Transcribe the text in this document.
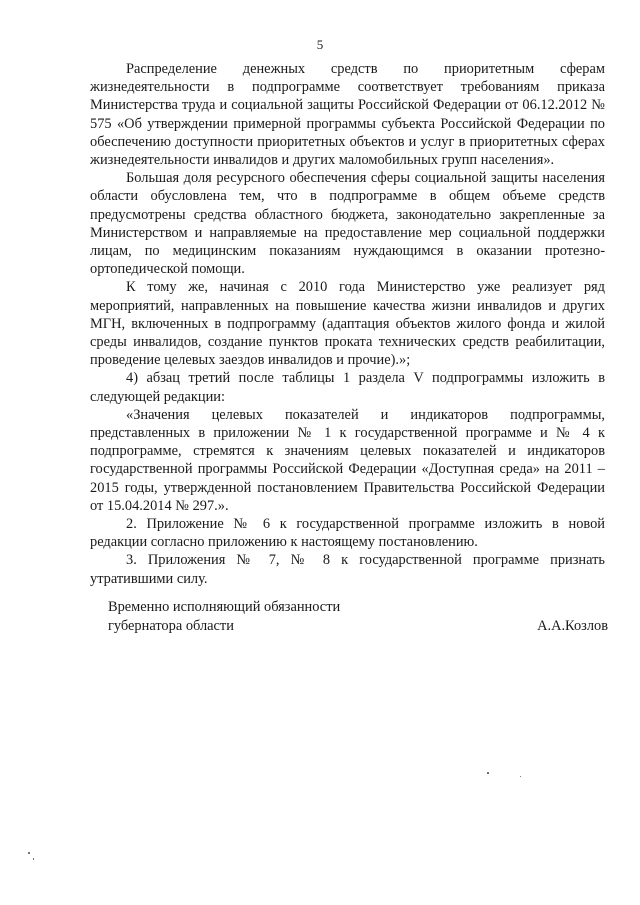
5

Распределение денежных средств по приоритетным сферам жизнедеятельности в подпрограмме соответствует требованиям приказа Министерства труда и социальной защиты Российской Федерации от 06.12.2012 № 575 «Об утверждении примерной программы субъекта Российской Федерации по обеспечению доступности приоритетных объектов и услуг в приоритетных сферах жизнедеятельности инвалидов и других маломобильных групп населения».

Большая доля ресурсного обеспечения сферы социальной защиты населения области обусловлена тем, что в подпрограмме в общем объеме средств предусмотрены средства областного бюджета, законодательно закрепленные за Министерством и направляемые на предоставление мер социальной поддержки лицам, по медицинским показаниям нуждающимся в оказании протезно-ортопедической помощи.

К тому же, начиная с 2010 года Министерство уже реализует ряд мероприятий, направленных на повышение качества жизни инвалидов и других МГН, включенных в подпрограмму (адаптация объектов жилого фонда и жилой среды инвалидов, создание пунктов проката технических средств реабилитации, проведение целевых заездов инвалидов и прочие).»;

4) абзац третий после таблицы 1 раздела V подпрограммы изложить в следующей редакции:

«Значения целевых показателей и индикаторов подпрограммы, представленных в приложении № 1 к государственной программе и № 4 к подпрограмме, стремятся к значениям целевых показателей и индикаторов государственной программы Российской Федерации «Доступная среда» на 2011 – 2015 годы, утвержденной постановлением Правительства Российской Федерации от 15.04.2014 № 297.».

2. Приложение № 6 к государственной программе изложить в новой редакции согласно приложению к настоящему постановлению.

3. Приложения № 7, № 8 к государственной программе признать утратившими силу.

Временно исполняющий обязанности
губернатора области	А.А.Козлов
